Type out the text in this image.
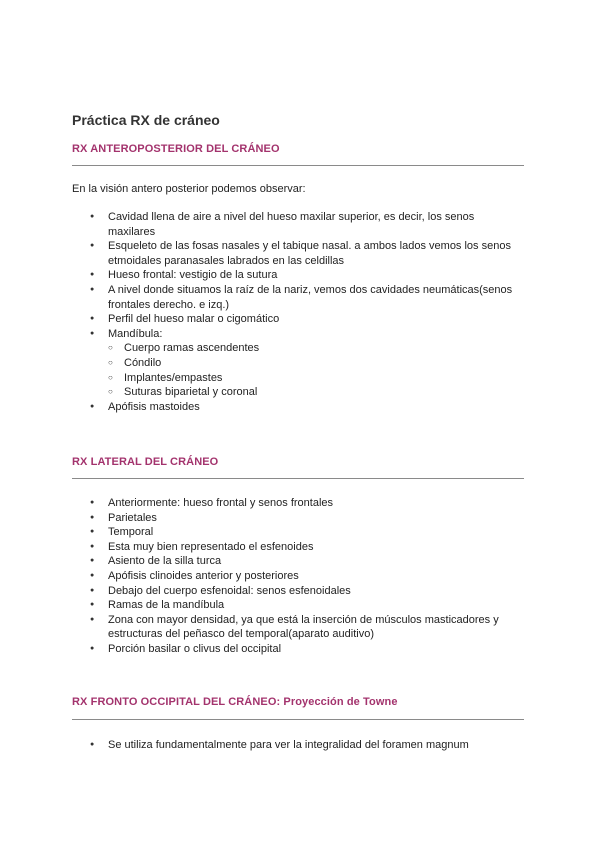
Práctica RX de cráneo
RX ANTEROPOSTERIOR DEL CRÁNEO
En la visión antero posterior podemos observar:
● Cavidad llena de aire a nivel del hueso maxilar superior, es decir, los senos maxilares
● Esqueleto de las fosas nasales y el tabique nasal. a ambos lados vemos los senos etmoidales paranasales labrados en las celdillas
● Hueso frontal: vestigio de la sutura
● A nivel donde situamos la raíz de la nariz, vemos dos cavidades neumáticas(senos frontales derecho. e izq.)
● Perfil del hueso malar o cigomático
● Mandíbula:
○ Cuerpo ramas ascendentes
○ Cóndilo
○ Implantes/empastes
○ Suturas biparietal y coronal
● Apófisis mastoides
RX LATERAL DEL CRÁNEO
● Anteriormente: hueso frontal y senos frontales
● Parietales
● Temporal
● Esta muy bien representado el esfenoides
● Asiento de la silla turca
● Apófisis clinoides anterior y posteriores
● Debajo del cuerpo esfenoidal: senos esfenoidales
● Ramas de la mandíbula
● Zona con mayor densidad, ya que está la inserción de músculos masticadores y estructuras del peñasco del temporal(aparato auditivo)
● Porción basilar o clivus del occipital
RX FRONTO OCCIPITAL DEL CRÁNEO: Proyección de Towne
● Se utiliza fundamentalmente para ver la integralidad del foramen magnum
